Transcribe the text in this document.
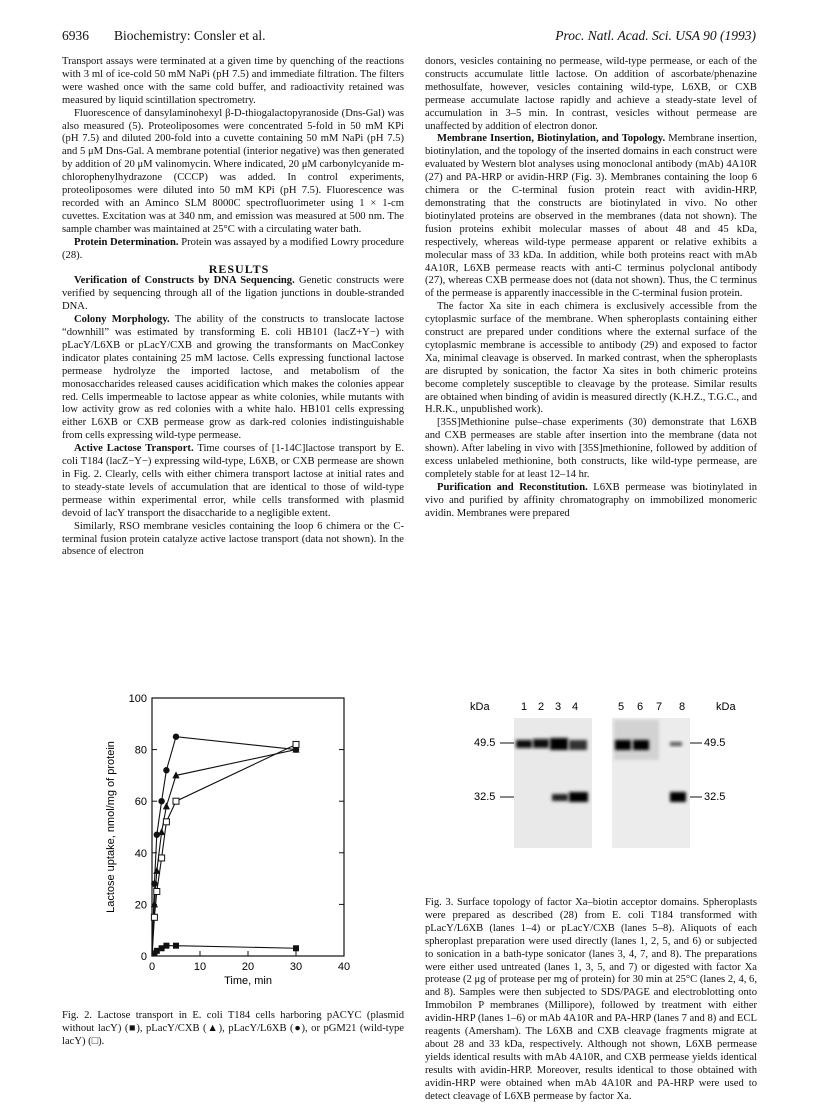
6936 Biochemistry: Consler et al.	Proc. Natl. Acad. Sci. USA 90 (1993)

Transport assays were terminated at a given time by quenching of the reactions with 3 ml of ice-cold 50 mM NaPi (pH 7.5) and immediate filtration. The filters were washed once with the same cold buffer, and radioactivity retained was measured by liquid scintillation spectrometry.

Fluorescence of dansylaminohexyl β-D-thiogalactopyranoside (Dns-Gal) was also measured (5). Proteoliposomes were concentrated 5-fold in 50 mM KPi (pH 7.5) and diluted 200-fold into a cuvette containing 50 mM NaPi (pH 7.5) and 5 μM Dns-Gal. A membrane potential (interior negative) was then generated by addition of 20 μM valinomycin. Where indicated, 20 μM carbonylcyanide m-chlorophenylhydrazone (CCCP) was added. In control experiments, proteoliposomes were diluted into 50 mM KPi (pH 7.5). Fluorescence was recorded with an Aminco SLM 8000C spectrofluorimeter using 1 × 1-cm cuvettes. Excitation was at 340 nm, and emission was measured at 500 nm. The sample chamber was maintained at 25°C with a circulating water bath.

Protein Determination. Protein was assayed by a modified Lowry procedure (28).

RESULTS

Verification of Constructs by DNA Sequencing. Genetic constructs were verified by sequencing through all of the ligation junctions in double-stranded DNA.

Colony Morphology. The ability of the constructs to translocate lactose “downhill” was estimated by transforming E. coli HB101 (lacZ+Y−) with pLacY/L6XB or pLacY/CXB and growing the transformants on MacConkey indicator plates containing 25 mM lactose. Cells expressing functional lactose permease hydrolyze the imported lactose, and metabolism of the monosaccharides released causes acidification which makes the colonies appear red. Cells impermeable to lactose appear as white colonies, while mutants with low activity grow as red colonies with a white halo. HB101 cells expressing either L6XB or CXB permease grow as dark-red colonies indistinguishable from cells expressing wild-type permease.

Active Lactose Transport. Time courses of [1-14C]lactose transport by E. coli T184 (lacZ−Y−) expressing wild-type, L6XB, or CXB permease are shown in Fig. 2. Clearly, cells with either chimera transport lactose at initial rates and to steady-state levels of accumulation that are identical to those of wild-type permease within experimental error, while cells transformed with plasmid devoid of lacY transport the disaccharide to a negligible extent.

Similarly, RSO membrane vesicles containing the loop 6 chimera or the C-terminal fusion protein catalyze active lactose transport (data not shown). In the absence of electron

0	10	20	30	40
0
20
40
60
80
100
Time, min
Lactose uptake, nmol/mg of protein
Fig. 2. Lactose transport in E. coli T184 cells harboring pACYC (plasmid without lacY) (■), pLacY/CXB (▲), pLacY/L6XB (●), or pGM21 (wild-type lacY) (□).

donors, vesicles containing no permease, wild-type permease, or each of the constructs accumulate little lactose. On addition of ascorbate/phenazine methosulfate, however, vesicles containing wild-type, L6XB, or CXB permease accumulate lactose rapidly and achieve a steady-state level of accumulation in 3–5 min. In contrast, vesicles without permease are unaffected by addition of electron donor.

Membrane Insertion, Biotinylation, and Topology. Membrane insertion, biotinylation, and the topology of the inserted domains in each construct were evaluated by Western blot analyses using monoclonal antibody (mAb) 4A10R (27) and PA-HRP or avidin-HRP (Fig. 3). Membranes containing the loop 6 chimera or the C-terminal fusion protein react with avidin-HRP, demonstrating that the constructs are biotinylated in vivo. No other biotinylated proteins are observed in the membranes (data not shown). The fusion proteins exhibit molecular masses of about 48 and 45 kDa, respectively, whereas wild-type permease apparent or relative exhibits a molecular mass of 33 kDa. In addition, while both proteins react with mAb 4A10R, L6XB permease reacts with anti-C terminus polyclonal antibody (27), whereas CXB permease does not (data not shown). Thus, the C terminus of the permease is apparently inaccessible in the C-terminal fusion protein.

The factor Xa site in each chimera is exclusively accessible from the cytoplasmic surface of the membrane. When spheroplasts containing either construct are prepared under conditions where the external surface of the cytoplasmic membrane is accessible to antibody (29) and exposed to factor Xa, minimal cleavage is observed. In marked contrast, when the spheroplasts are disrupted by sonication, the factor Xa sites in both chimeric proteins become completely susceptible to cleavage by the protease. Similar results are obtained when binding of avidin is measured directly (K.H.Z., T.G.C., and H.R.K., unpublished work).

[35S]Methionine pulse–chase experiments (30) demonstrate that L6XB and CXB permeases are stable after insertion into the membrane (data not shown). After labeling in vivo with [35S]methionine, followed by addition of excess unlabeled methionine, both constructs, like wild-type permease, are completely stable for at least 12–14 hr.

Purification and Reconstitution. L6XB permease was biotinylated in vivo and purified by affinity chromatography on immobilized monomeric avidin. Membranes were prepared

kDa	kDa
1 2 3 4	5 6 7 8
49.5
32.5
49.5
32.5
Fig. 3. Surface topology of factor Xa–biotin acceptor domains. Spheroplasts were prepared as described (28) from E. coli T184 transformed with pLacY/L6XB (lanes 1–4) or pLacY/CXB (lanes 5–8). Aliquots of each spheroplast preparation were used directly (lanes 1, 2, 5, and 6) or subjected to sonication in a bath-type sonicator (lanes 3, 4, 7, and 8). The preparations were either used untreated (lanes 1, 3, 5, and 7) or digested with factor Xa protease (2 μg of protease per mg of protein) for 30 min at 25°C (lanes 2, 4, 6, and 8). Samples were then subjected to SDS/PAGE and electroblotting onto Immobilon P membranes (Millipore), followed by treatment with either avidin-HRP (lanes 1–6) or mAb 4A10R and PA-HRP (lanes 7 and 8) and ECL reagents (Amersham). The L6XB and CXB cleavage fragments migrate at about 28 and 33 kDa, respectively. Although not shown, L6XB permease yields identical results with mAb 4A10R, and CXB permease yields identical results with avidin-HRP. Moreover, results identical to those obtained with avidin-HRP were obtained when mAb 4A10R and PA-HRP were used to detect cleavage of L6XB permease by factor Xa.
